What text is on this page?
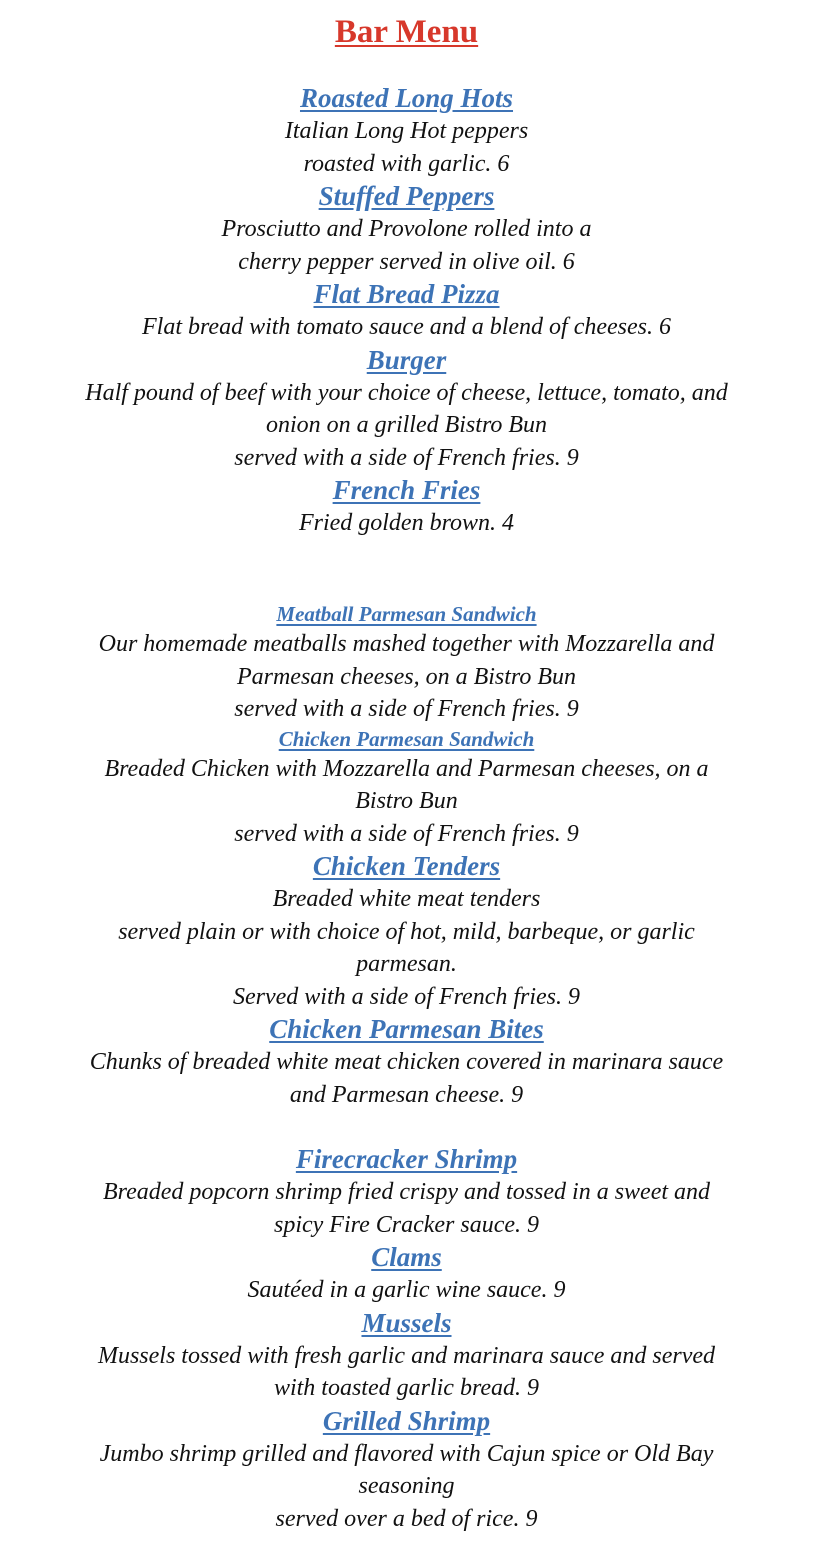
Bar Menu
Roasted Long Hots
Italian Long Hot peppers
roasted with garlic. 6
Stuffed Peppers
Prosciutto and Provolone rolled into a
cherry pepper served in olive oil. 6
Flat Bread Pizza
Flat bread with tomato sauce and a blend of cheeses. 6
Burger
Half pound of beef with your choice of cheese, lettuce, tomato, and
onion on a grilled Bistro Bun
served with a side of French fries. 9
French Fries
Fried golden brown. 4
Meatball Parmesan Sandwich
Our homemade meatballs mashed together with Mozzarella and
Parmesan cheeses, on a Bistro Bun
served with a side of French fries. 9
Chicken Parmesan Sandwich
Breaded Chicken with Mozzarella and Parmesan cheeses, on a
Bistro Bun
served with a side of French fries. 9
Chicken Tenders
Breaded white meat tenders
served plain or with choice of hot, mild, barbeque, or garlic
parmesan.
Served with a side of French fries. 9
Chicken Parmesan Bites
Chunks of breaded white meat chicken covered in marinara sauce
and Parmesan cheese. 9
Firecracker Shrimp
Breaded popcorn shrimp fried crispy and tossed in a sweet and
spicy Fire Cracker sauce. 9
Clams
Sautéed in a garlic wine sauce. 9
Mussels
Mussels tossed with fresh garlic and marinara sauce and served
with toasted garlic bread. 9
Grilled Shrimp
Jumbo shrimp grilled and flavored with Cajun spice or Old Bay
seasoning
served over a bed of rice. 9
